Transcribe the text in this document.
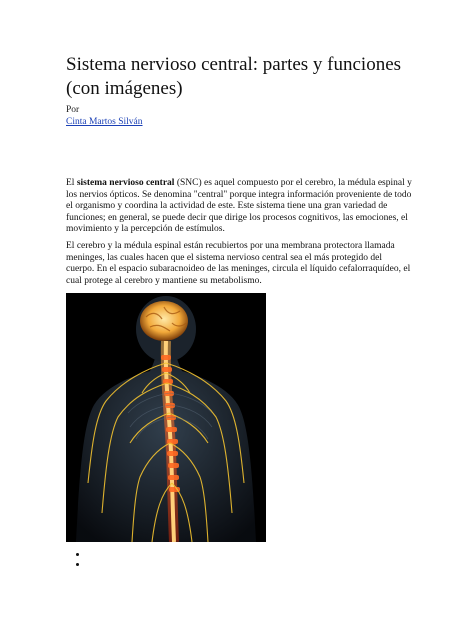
Sistema nervioso central: partes y funciones (con imágenes)
Por
Cinta Martos Silván

El sistema nervioso central (SNC) es aquel compuesto por el cerebro, la médula espinal y los nervios ópticos. Se denomina "central" porque integra información proveniente de todo el organismo y coordina la actividad de este. Este sistema tiene una gran variedad de funciones; en general, se puede decir que dirige los procesos cognitivos, las emociones, el movimiento y la percepción de estímulos.

El cerebro y la médula espinal están recubiertos por una membrana protectora llamada meninges, las cuales hacen que el sistema nervioso central sea el más protegido del cuerpo. En el espacio subaracnoideo de las meninges, circula el líquido cefalorraquídeo, el cual protege al cerebro y mantiene su metabolismo.
